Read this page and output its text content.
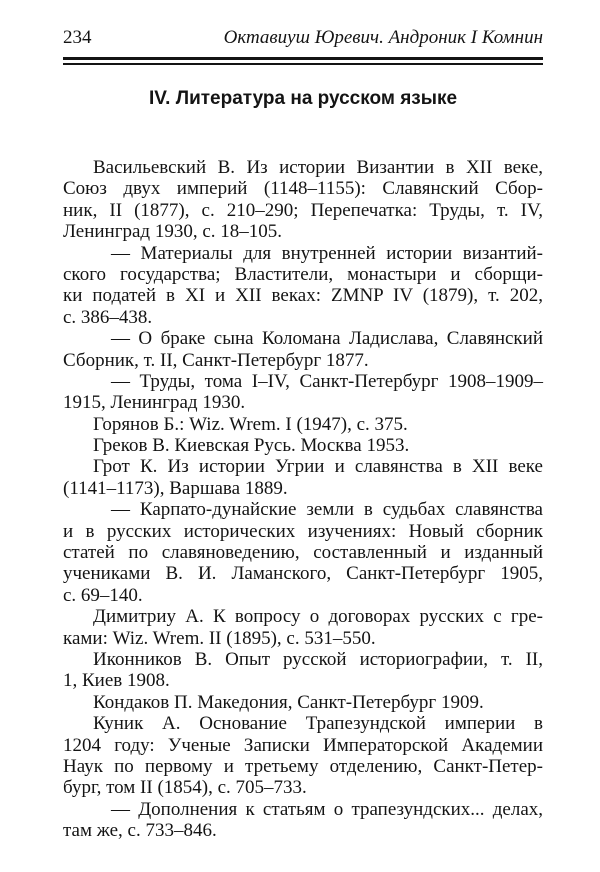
234	Октавиуш Юревич. Андроник I Комнин
IV. Литература на русском языке
Васильевский В. Из истории Византии в XII веке,
Союз двух империй (1148–1155): Славянский Сбор-
ник, II (1877), с. 210–290; Перепечатка: Труды, т. IV,
Ленинград 1930, с. 18–105.
— Материалы для внутренней истории византий-
ского государства; Властители, монастыри и сборщи-
ки податей в XI и XII веках: ZMNP IV (1879), т. 202,
с. 386–438.
— О браке сына Коломана Ладислава, Славянский
Сборник, т. II, Санкт-Петербург 1877.
— Труды, тома I–IV, Санкт-Петербург 1908–1909–
1915, Ленинград 1930.
Горянов Б.: Wiz. Wrem. I (1947), с. 375.
Греков В. Киевская Русь. Москва 1953.
Грот К. Из истории Угрии и славянства в XII веке
(1141–1173), Варшава 1889.
— Карпато-дунайские земли в судьбах славянства
и в русских исторических изучениях: Новый сборник
статей по славяноведению, составленный и изданный
учениками В. И. Ламанского, Санкт-Петербург 1905,
с. 69–140.
Димитриу А. К вопросу о договорах русских с гре-
ками: Wiz. Wrem. II (1895), с. 531–550.
Иконников В. Опыт русской историографии, т. II,
1, Киев 1908.
Кондаков П. Македония, Санкт-Петербург 1909.
Куник А. Основание Трапезундской империи в
1204 году: Ученые Записки Императорской Академии
Наук по первому и третьему отделению, Санкт-Петер-
бург, том II (1854), с. 705–733.
— Дополнения к статьям о трапезундских... делах,
там же, с. 733–846.
